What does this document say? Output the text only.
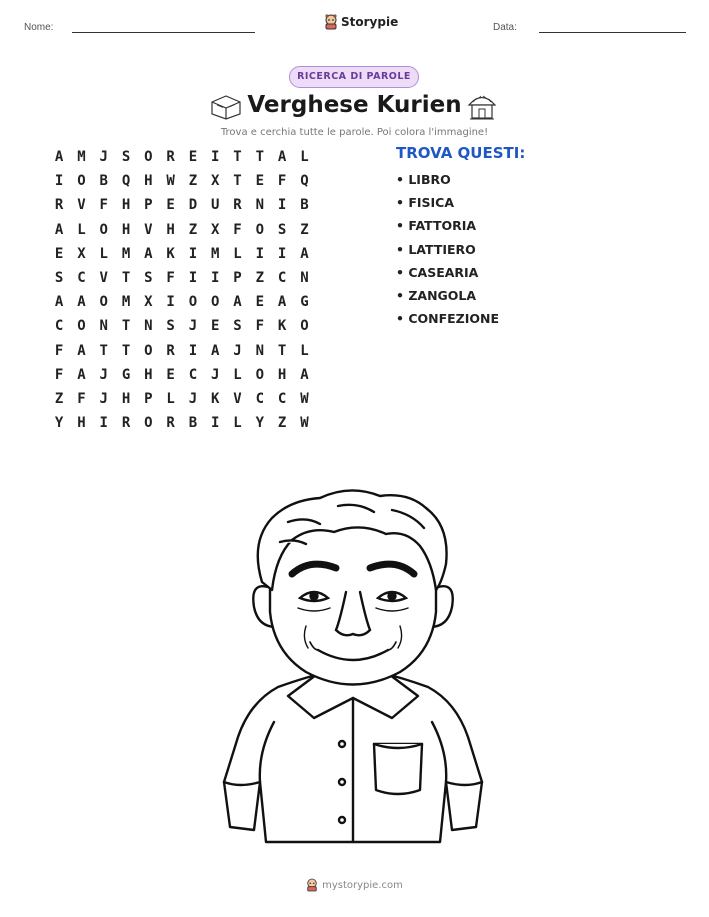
Nome:	Storypie	Data:
RICERCA DI PAROLE
Verghese Kurien
Trova e cerchia tutte le parole. Poi colora l'immagine!
A M J S O R E I T T A L
I O B Q H W Z X T E F Q
R V F H P E D U R N I B
A L O H V H Z X F O S Z
E X L M A K I M L I I A
S C V T S F I I P Z C N
A A O M X I O O A E A G
C O N T N S J E S F K O
F A T T O R I A J N T L
F A J G H E C J L O H A
Z F J H P L J K V C C W
Y H I R O R B I L Y Z W
TROVA QUESTI:
• LIBRO
• FISICA
• FATTORIA
• LATTIERO
• CASEARIA
• ZANGOLA
• CONFEZIONE
mystorypie.com
